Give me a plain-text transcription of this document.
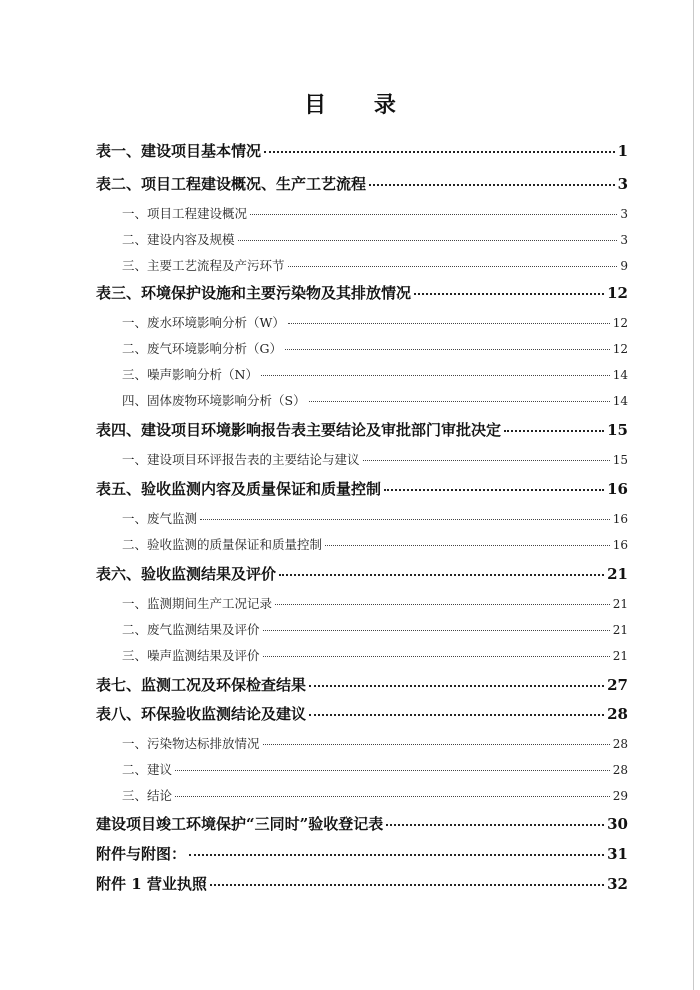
目 录
表一、建设项目基本情况	1
表二、项目工程建设概况、生产工艺流程	3
一、项目工程建设概况	3
二、建设内容及规模	3
三、主要工艺流程及产污环节	9
表三、环境保护设施和主要污染物及其排放情况	12
一、废水环境影响分析（W）	12
二、废气环境影响分析（G）	12
三、噪声影响分析（N）	14
四、固体废物环境影响分析（S）	14
表四、建设项目环境影响报告表主要结论及审批部门审批决定	15
一、建设项目环评报告表的主要结论与建议	15
表五、验收监测内容及质量保证和质量控制	16
一、废气监测	16
二、验收监测的质量保证和质量控制	16
表六、验收监测结果及评价	21
一、监测期间生产工况记录	21
二、废气监测结果及评价	21
三、噪声监测结果及评价	21
表七、监测工况及环保检查结果	27
表八、环保验收监测结论及建议	28
一、污染物达标排放情况	28
二、建议	28
三、结论	29
建设项目竣工环境保护“三同时”验收登记表	30
附件与附图：	31
附件 1 营业执照	32
